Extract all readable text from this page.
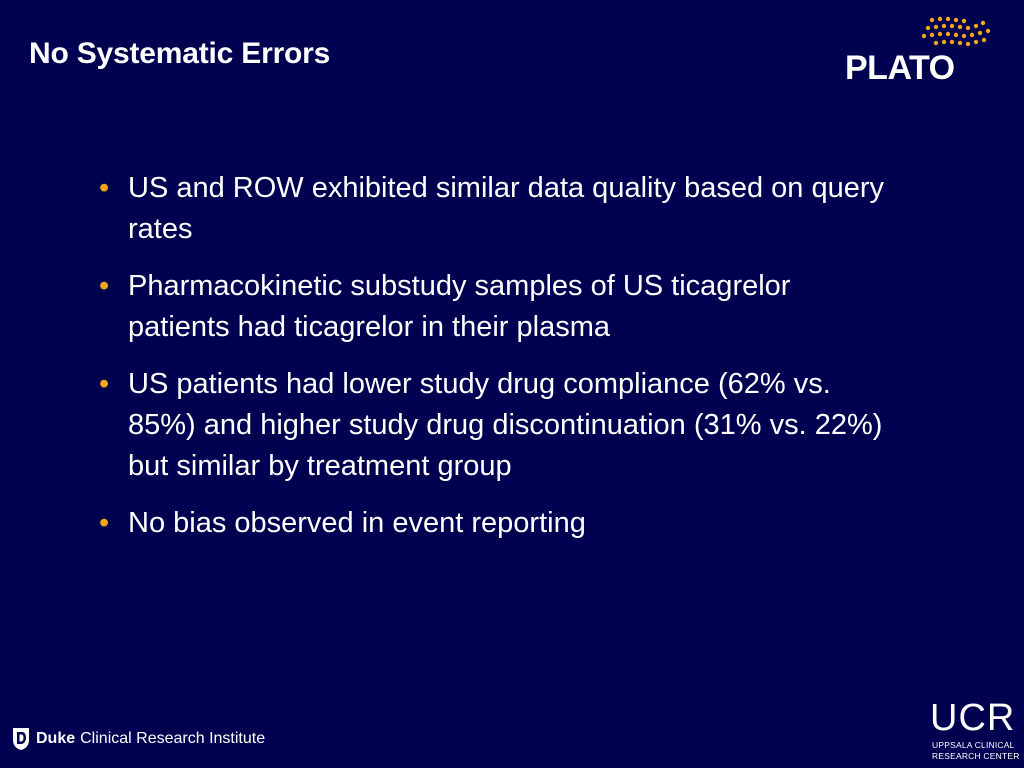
No Systematic Errors	PLATO
• US and ROW exhibited similar data quality based on query rates
• Pharmacokinetic substudy samples of US ticagrelor patients had ticagrelor in their plasma
• US patients had lower study drug compliance (62% vs. 85%) and higher study drug discontinuation (31% vs. 22%) but similar by treatment group
• No bias observed in event reporting
Duke Clinical Research Institute	UCR
UPPSALA CLINICAL
RESEARCH CENTER
